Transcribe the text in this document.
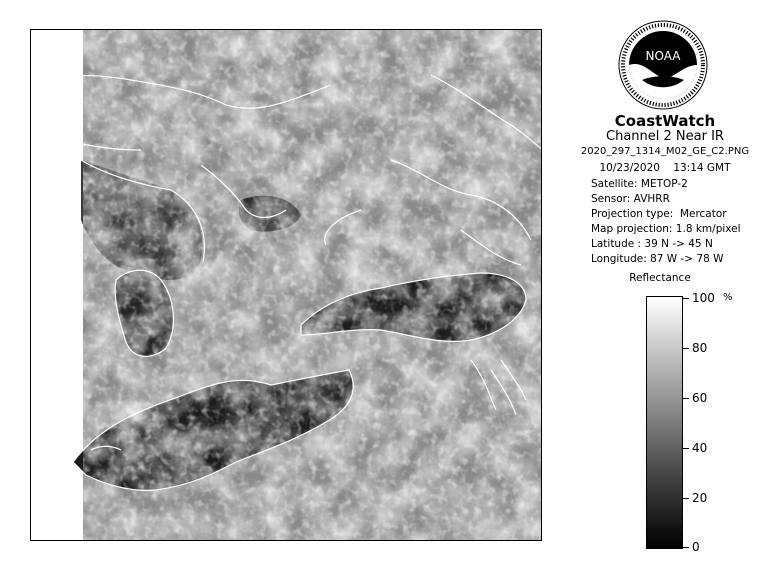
NOAA
CoastWatch
Channel 2 Near IR
2020_297_1314_M02_GE_C2.PNG
10/23/2020    13:14 GMT
Satellite: METOP-2
Sensor: AVHRR
Projection type:  Mercator
Map projection: 1.8 km/pixel
Latitude : 39 N -> 45 N
Longitude: 87 W -> 78 W
Reflectance
%
100
80
60
40
20
0
